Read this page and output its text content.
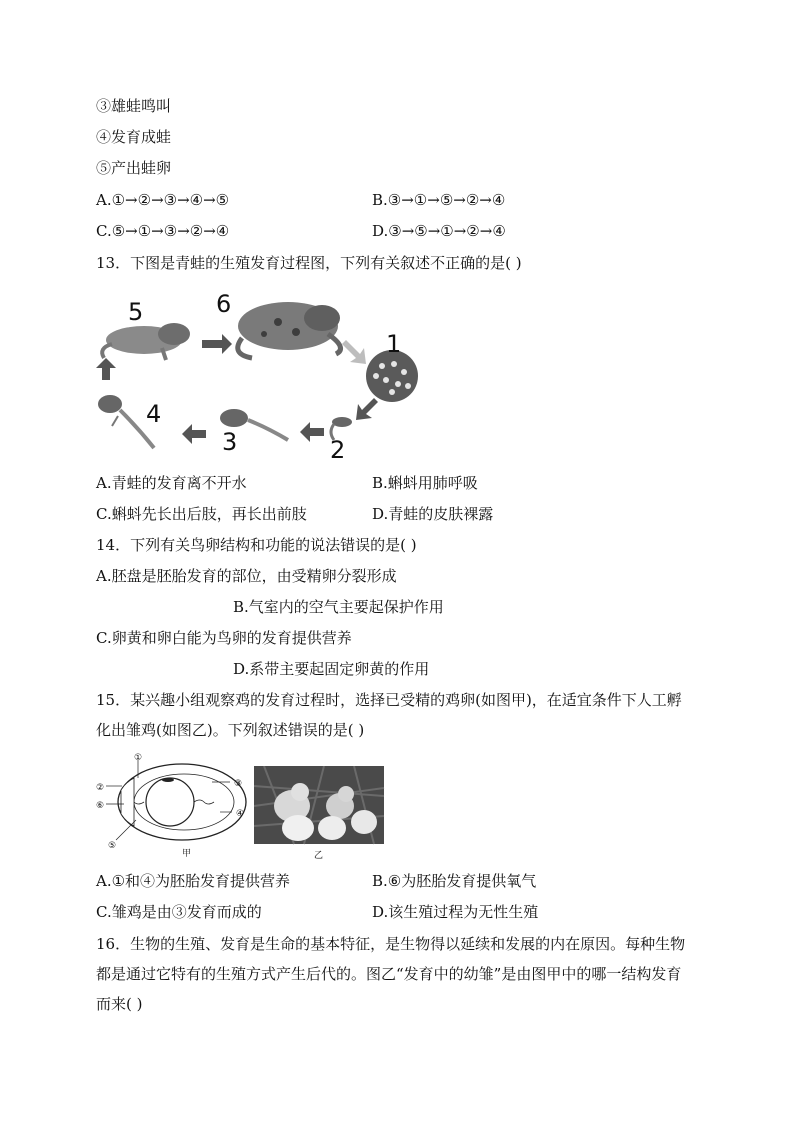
③雄蛙鸣叫
④发育成蛙
⑤产出蛙卵
A.①→②→③→④→⑤	B.③→①→⑤→②→④
C.⑤→①→③→②→④	D.③→⑤→①→②→④
13．下图是青蛙的生殖发育过程图，下列有关叙述不正确的是( )
5	6
1
2
3
4
A.青蛙的发育离不开水	B.蝌蚪用肺呼吸
C.蝌蚪先长出后肢，再长出前肢	D.青蛙的皮肤裸露
14．下列有关鸟卵结构和功能的说法错误的是( )
A.胚盘是胚胎发育的部位，由受精卵分裂形成
B.气室内的空气主要起保护作用
C.卵黄和卵白能为鸟卵的发育提供营养
D.系带主要起固定卵黄的作用
15．某兴趣小组观察鸡的发育过程时，选择已受精的鸡卵(如图甲)，在适宜条件下人工孵化出雏鸡(如图乙)。下列叙述错误的是( )
①
②	③
④
⑤
⑥
甲	乙
A.①和④为胚胎发育提供营养	B.⑥为胚胎发育提供氧气
C.雏鸡是由③发育而成的	D.该生殖过程为无性生殖
16．生物的生殖、发育是生命的基本特征，是生物得以延续和发展的内在原因。每种生物都是通过它特有的生殖方式产生后代的。图乙“发育中的幼雏”是由图甲中的哪一结构发育而来( )
